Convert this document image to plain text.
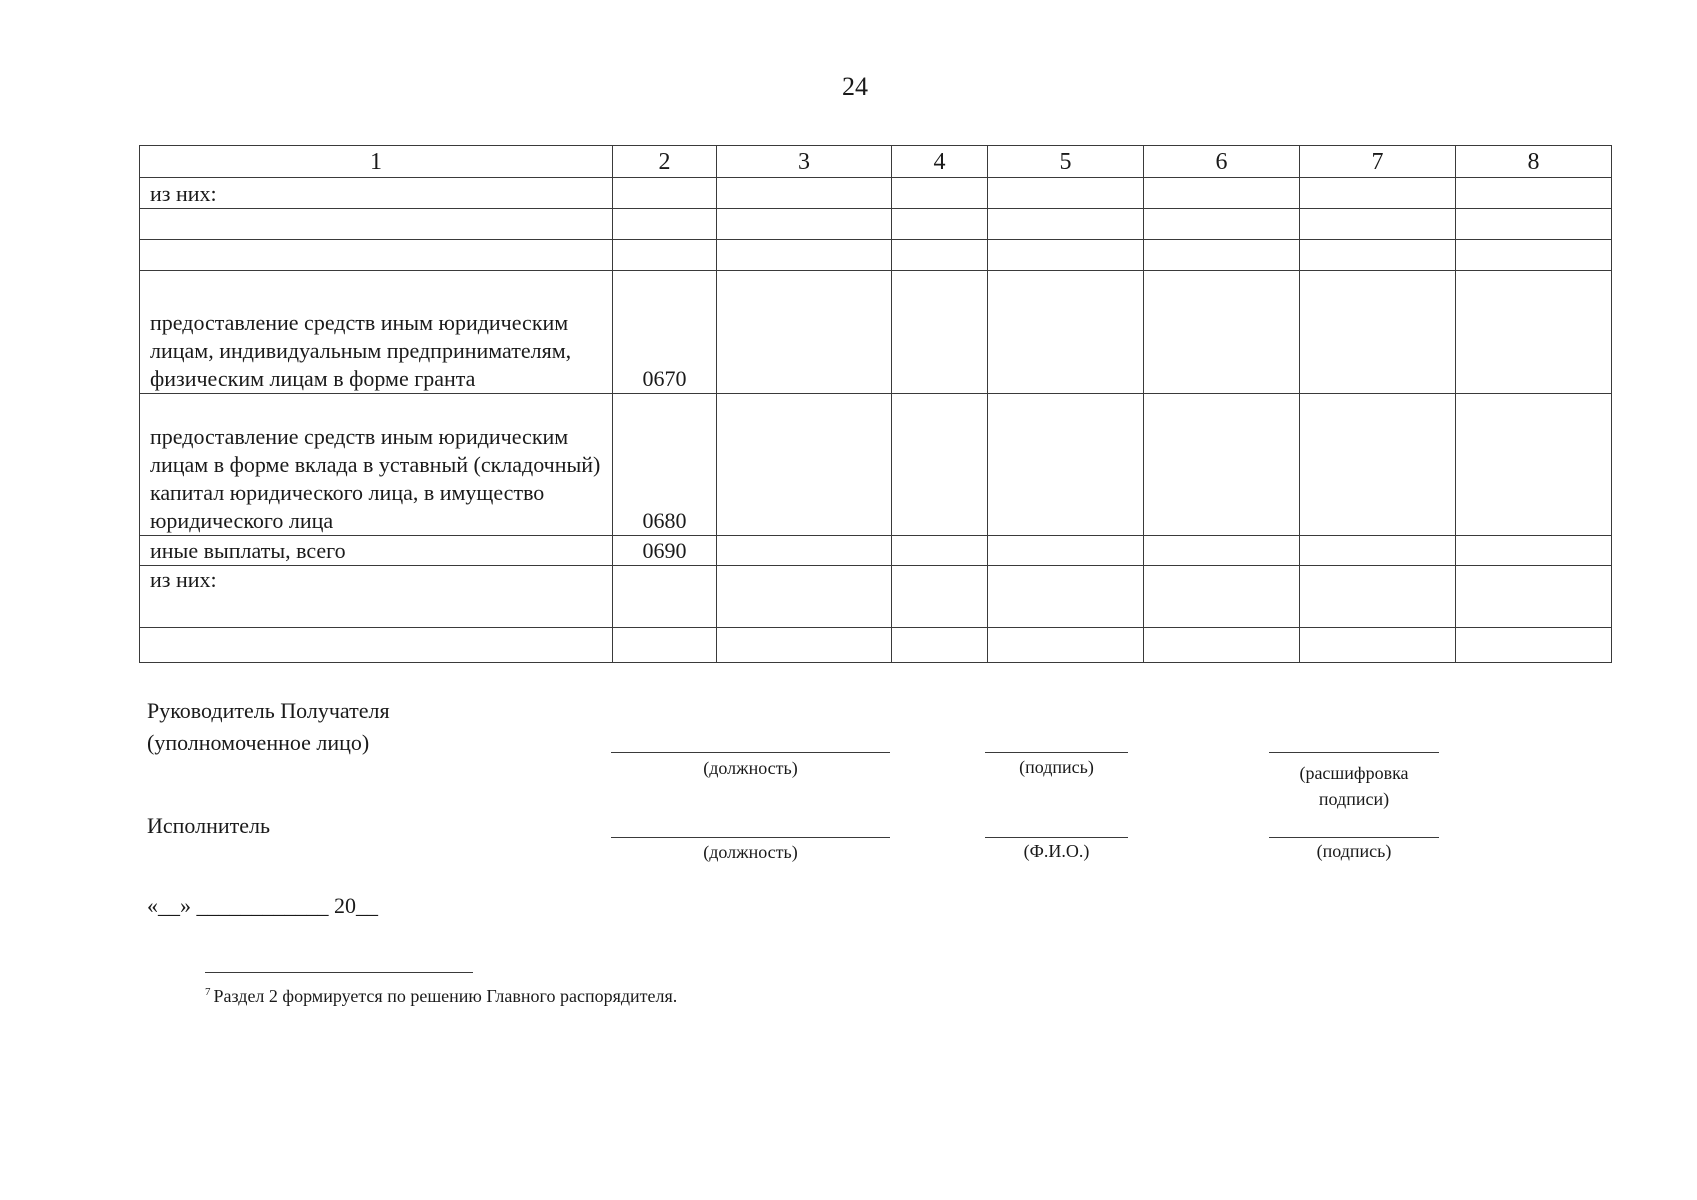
24
1	2	3	4	5	6	7	8
из них:							

предоставление средств иным юридическим лицам, индивидуальным предпринимателям, физическим лицам в форме гранта	0670						
предоставление средств иным юридическим лицам в форме вклада в уставный (складочный) капитал юридического лица, в имущество юридического лица	0680						
иные выплаты, всего	0690						
из них:							

Руководитель Получателя
(уполномоченное лицо)
(должность)	(подпись)	(расшифровка подписи)
Исполнитель
(должность)	(Ф.И.О.)	(подпись)
«__» ____________ 20__
$^7$ Раздел 2 формируется по решению Главного распорядителя.
